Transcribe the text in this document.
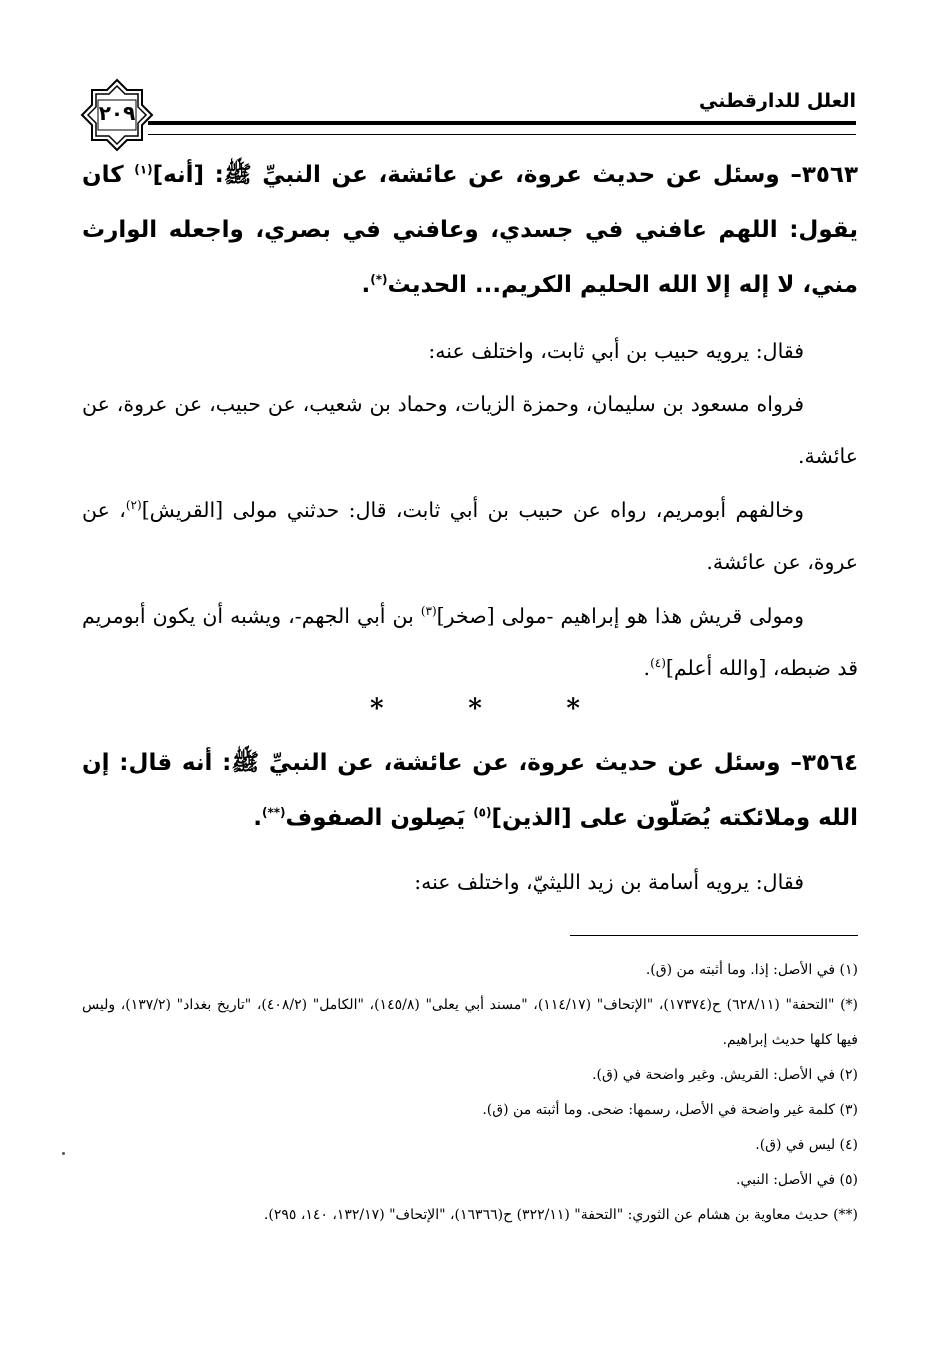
العلل للدارقطني
٢٠٩
٣٥٦٣– وسئل عن حديث عروة، عن عائشة، عن النبيِّ ﷺ: [أنه]$^{(١)}$ كان يقول: اللهم عافني في جسدي، وعافني في بصري، واجعله الوارث مني، لا إله إلا الله الحليم الكريم... الحديث(*).
فقال: يرويه حبيب بن أبي ثابت، واختلف عنه:
فرواه مسعود بن سليمان، وحمزة الزيات، وحماد بن شعيب، عن حبيب، عن عروة، عن عائشة.
وخالفهم أبومريم، رواه عن حبيب بن أبي ثابت، قال: حدثني مولى [القريش]$^{(٢)}$، عن عروة، عن عائشة.
ومولى قريش هذا هو إبراهيم -مولى [صخر]$^{(٣)}$ بن أبي الجهم-، ويشبه أن يكون أبومريم قد ضبطه، [والله أعلم]$^{(٤)}$.
*	*	*
٣٥٦٤– وسئل عن حديث عروة، عن عائشة، عن النبيِّ ﷺ: أنه قال: إن الله وملائكته يُصَلّون على [الذين]$^{(٥)}$ يَصِلون الصفوف(**).
فقال: يرويه أسامة بن زيد الليثيّ، واختلف عنه:
(١) في الأصل: إذا. وما أثبته من (ق).
(*) "التحفة" (٦٢٨/١١) ح(١٧٣٧٤)، "الإتحاف" (١١٤/١٧)، "مسند أبي يعلى" (١٤٥/٨)، "الكامل" (٤٠٨/٢)، "تاريخ بغداد" (١٣٧/٢)، وليس فيها كلها حديث إبراهيم.
(٢) في الأصل: القريش. وغير واضحة في (ق).
(٣) كلمة غير واضحة في الأصل، رسمها: ضحى. وما أثبته من (ق).
(٤) ليس في (ق).
(٥) في الأصل: النبي.
(**) حديث معاوية بن هشام عن الثوري: "التحفة" (٣٢٢/١١) ح(١٦٣٦٦)، "الإتحاف" (١٣٢/١٧، ١٤٠، ٢٩٥).
